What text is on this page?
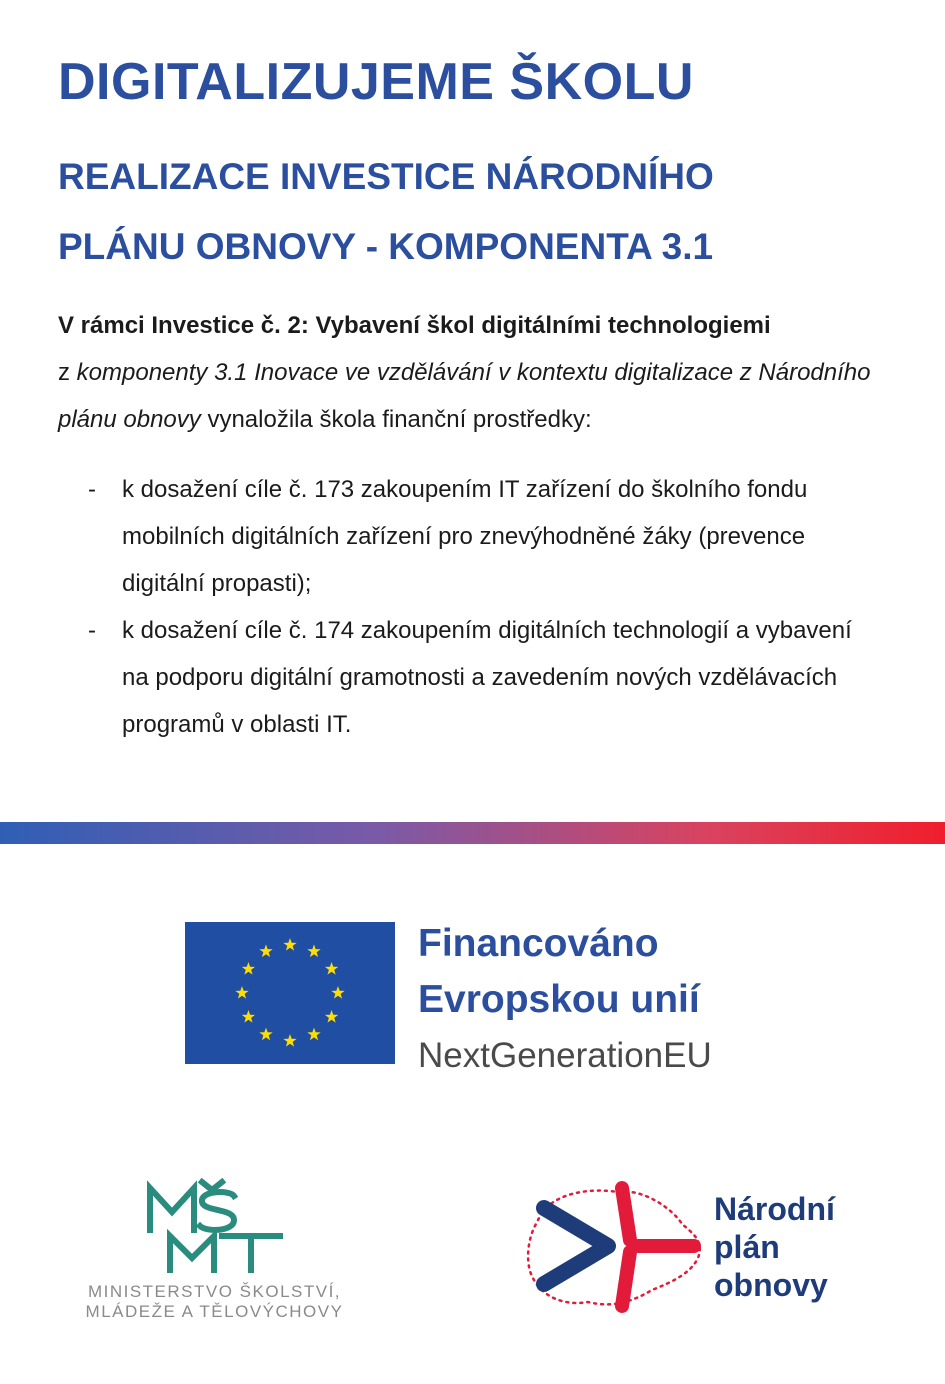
DIGITALIZUJEME ŠKOLU
REALIZACE INVESTICE NÁRODNÍHO
PLÁNU OBNOVY - KOMPONENTA 3.1
V rámci Investice č. 2: Vybavení škol digitálními technologiemi
z komponenty 3.1 Inovace ve vzdělávání v kontextu digitalizace z Národního plánu obnovy vynaložila škola finanční prostředky:
- k dosažení cíle č. 173 zakoupením IT zařízení do školního fondu mobilních digitálních zařízení pro znevýhodněné žáky (prevence digitální propasti);
- k dosažení cíle č. 174 zakoupením digitálních technologií a vybavení na podporu digitální gramotnosti a zavedením nových vzdělávacích programů v oblasti IT.
Financováno
Evropskou unií
NextGenerationEU
MINISTERSTVO ŠKOLSTVÍ,
MLÁDEŽE A TĚLOVÝCHOVY
Národní
plán
obnovy
